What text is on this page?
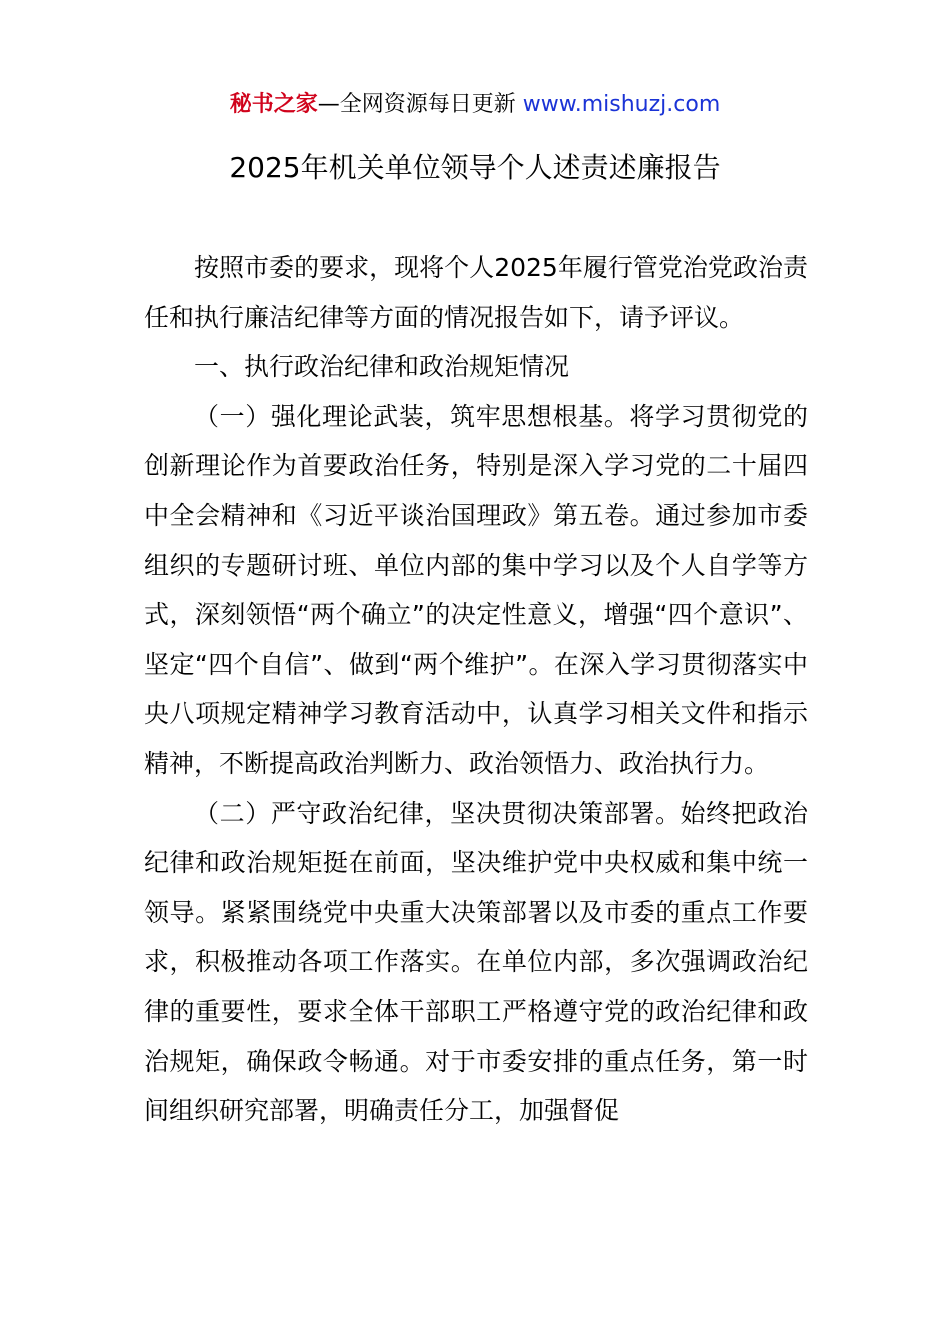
秘书之家—全网资源每日更新 www.mishuzj.com
2025年机关单位领导个人述责述廉报告

按照市委的要求，现将个人2025年履行管党治党政治责任和执行廉洁纪律等方面的情况报告如下，请予评议。

一、执行政治纪律和政治规矩情况

（一）强化理论武装，筑牢思想根基。将学习贯彻党的创新理论作为首要政治任务，特别是深入学习党的二十届四中全会精神和《习近平谈治国理政》第五卷。通过参加市委组织的专题研讨班、单位内部的集中学习以及个人自学等方式，深刻领悟“两个确立”的决定性意义，增强“四个意识”、坚定“四个自信”、做到“两个维护”。在深入学习贯彻落实中央八项规定精神学习教育活动中，认真学习相关文件和指示精神，不断提高政治判断力、政治领悟力、政治执行力。

（二）严守政治纪律，坚决贯彻决策部署。始终把政治纪律和政治规矩挺在前面，坚决维护党中央权威和集中统一领导。紧紧围绕党中央重大决策部署以及市委的重点工作要求，积极推动各项工作落实。在单位内部，多次强调政治纪律的重要性，要求全体干部职工严格遵守党的政治纪律和政治规矩，确保政令畅通。对于市委安排的重点任务，第一时间组织研究部署，明确责任分工，加强督促
